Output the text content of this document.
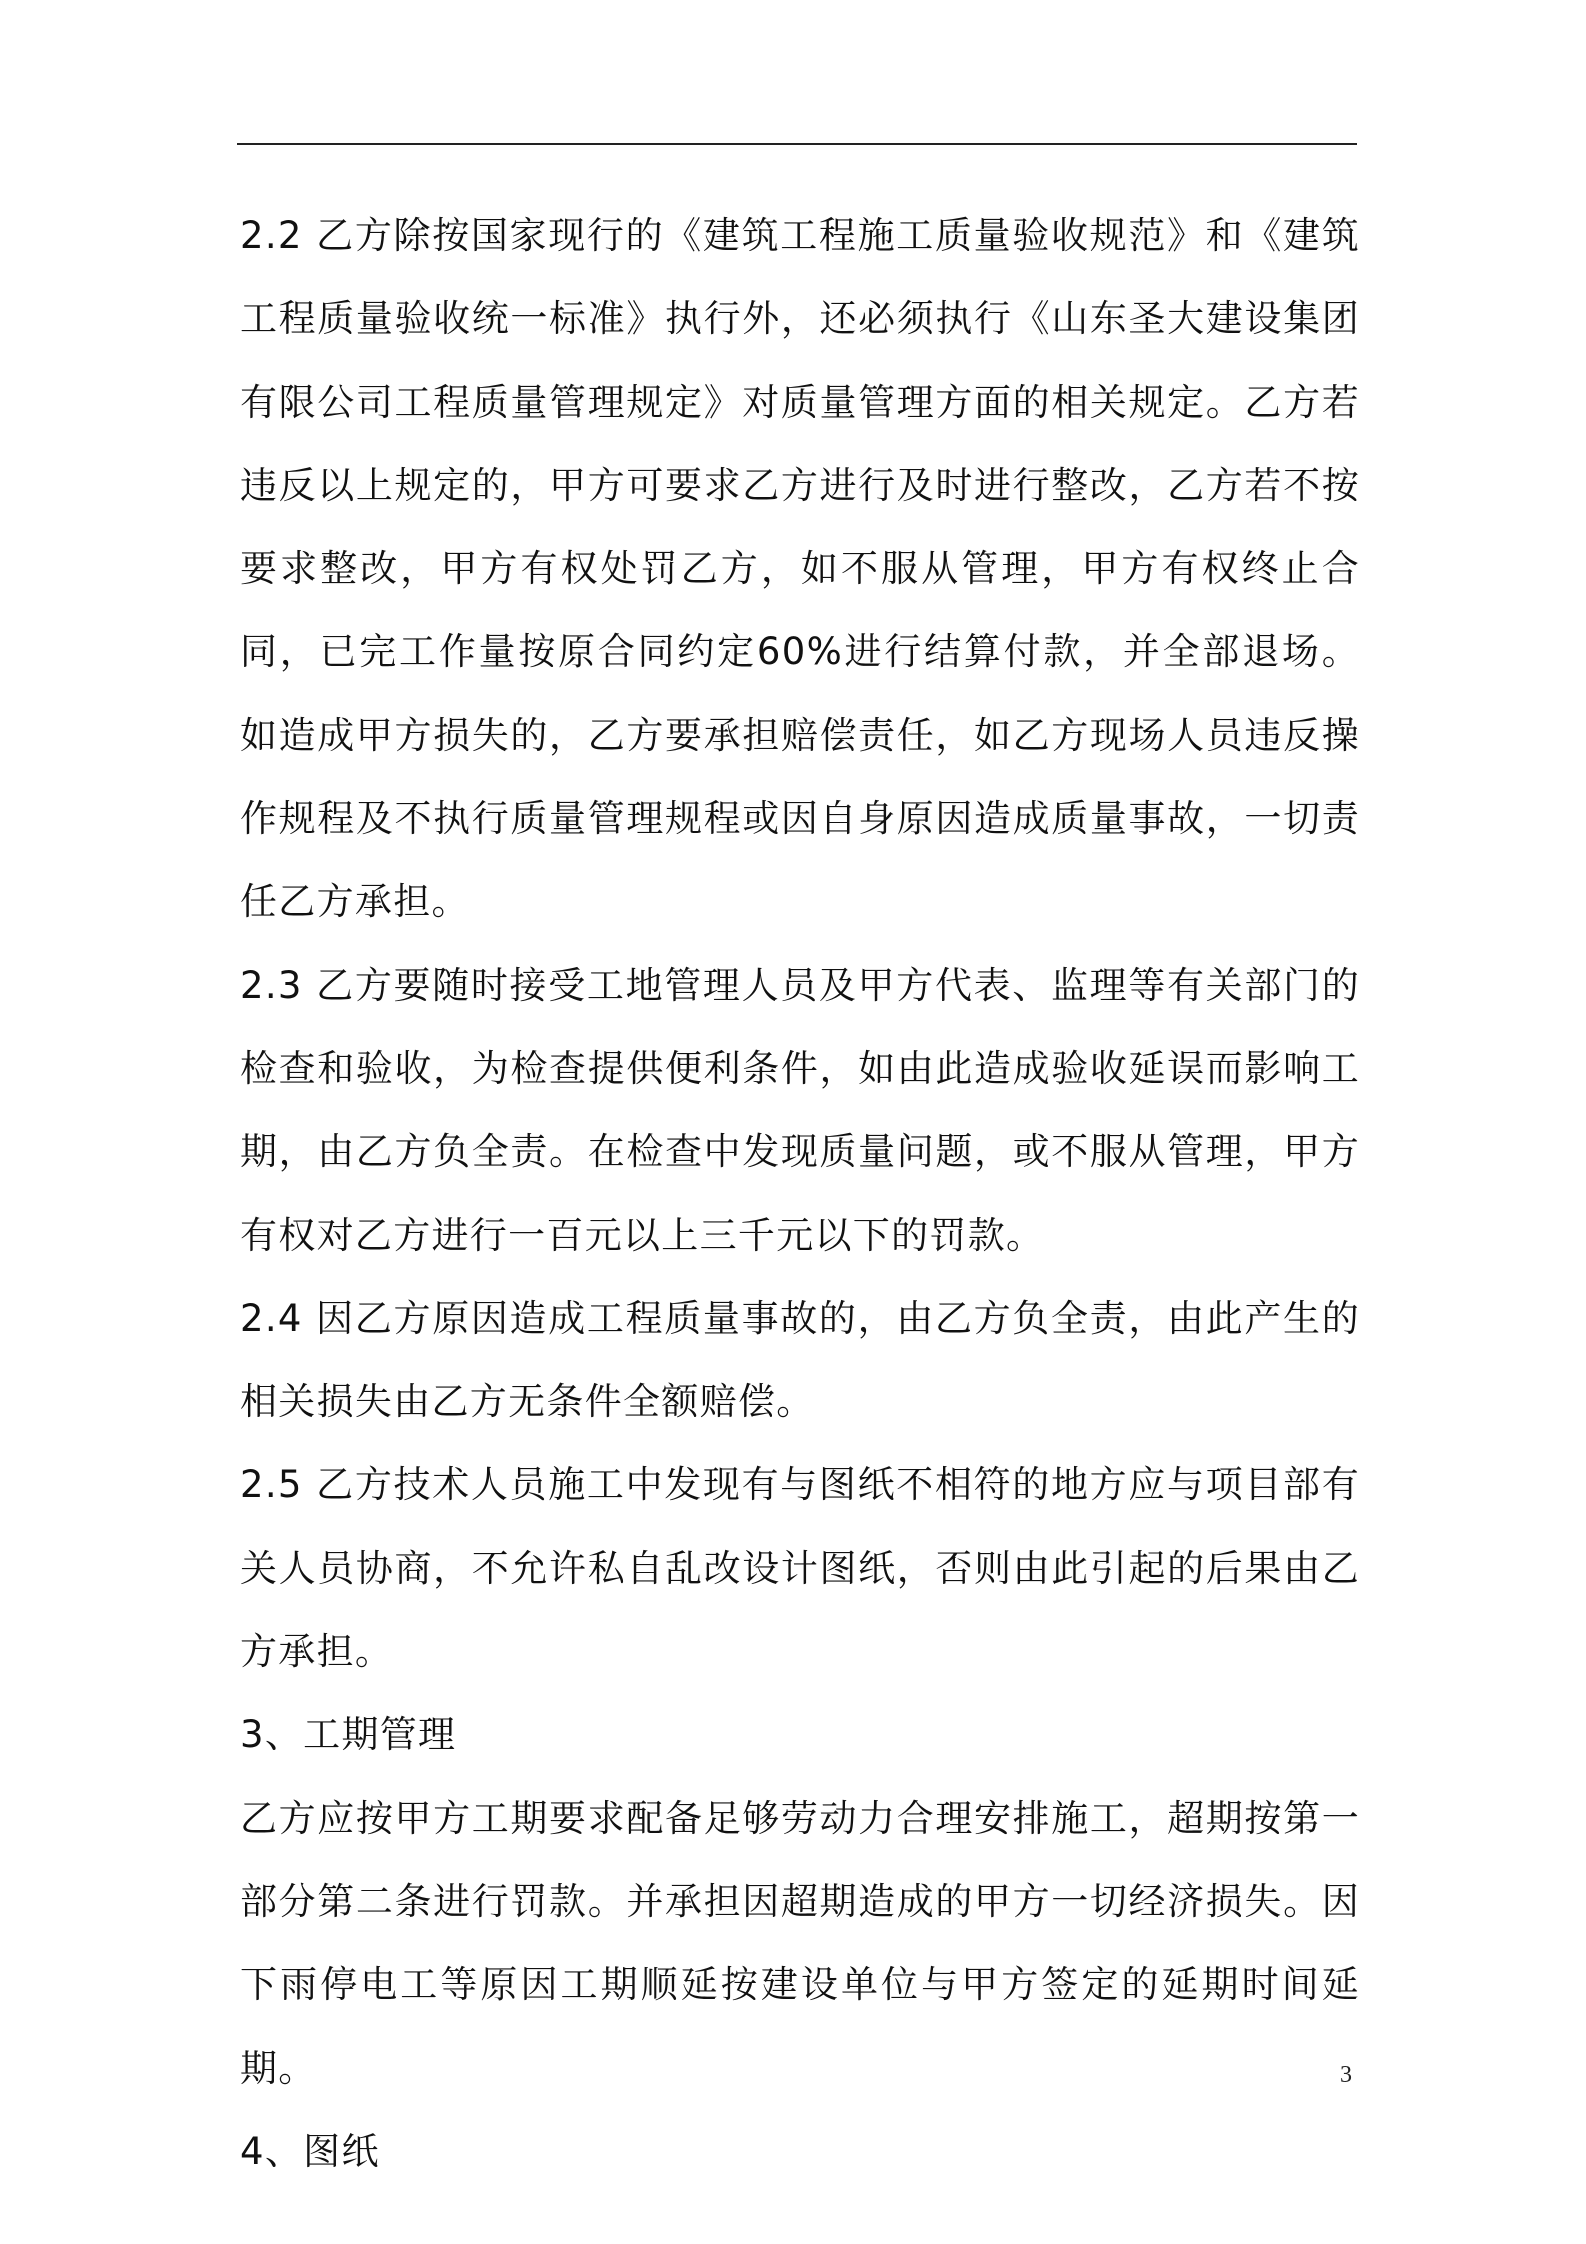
2.2 乙方除按国家现行的《建筑工程施工质量验收规范》和《建筑工程质量验收统一标准》执行外，还必须执行《山东圣大建设集团有限公司工程质量管理规定》对质量管理方面的相关规定。乙方若违反以上规定的，甲方可要求乙方进行及时进行整改，乙方若不按要求整改，甲方有权处罚乙方，如不服从管理，甲方有权终止合同，已完工作量按原合同约定60%进行结算付款，并全部退场。如造成甲方损失的，乙方要承担赔偿责任，如乙方现场人员违反操作规程及不执行质量管理规程或因自身原因造成质量事故，一切责任乙方承担。

2.3 乙方要随时接受工地管理人员及甲方代表、监理等有关部门的检查和验收，为检查提供便利条件，如由此造成验收延误而影响工期，由乙方负全责。在检查中发现质量问题，或不服从管理，甲方有权对乙方进行一百元以上三千元以下的罚款。

2.4 因乙方原因造成工程质量事故的，由乙方负全责，由此产生的相关损失由乙方无条件全额赔偿。

2.5 乙方技术人员施工中发现有与图纸不相符的地方应与项目部有关人员协商，不允许私自乱改设计图纸，否则由此引起的后果由乙方承担。

3、工期管理

乙方应按甲方工期要求配备足够劳动力合理安排施工，超期按第一部分第二条进行罚款。并承担因超期造成的甲方一切经济损失。因下雨停电工等原因工期顺延按建设单位与甲方签定的延期时间延期。

4、图纸

3
